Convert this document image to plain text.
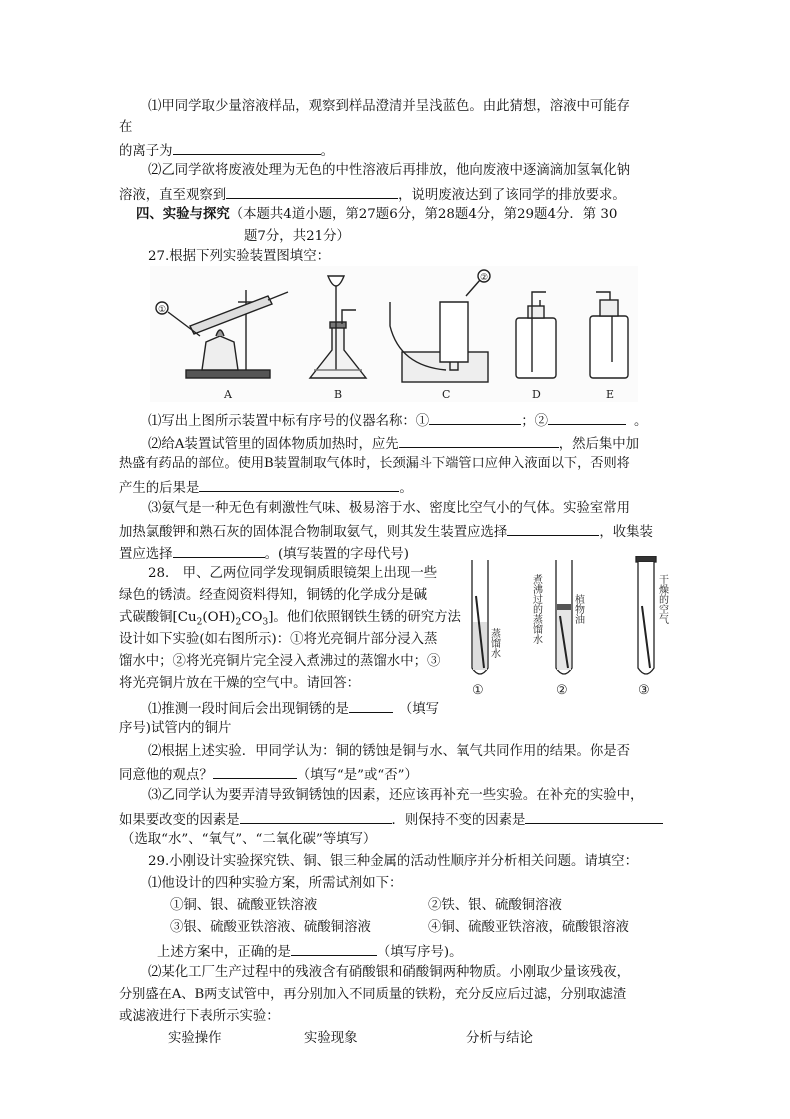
⑴甲同学取少量溶液样品，观察到样品澄清并呈浅蓝色。由此猜想，溶液中可能存
在
的离子为	。
⑵乙同学欲将废液处理为无色的中性溶液后再排放，他向废液中逐滴滴加氢氧化钠
溶液，直至观察到	，说明废液达到了该同学的排放要求。
四、实验与探究（本题共4道小题，第27题6分，第28题4分，第29题4分．第 30
题7分，共21分）
27.根据下列实验装置图填空：
①
②
A	B	C	D	E
⑴写出上图所示装置中标有序号的仪器名称：①	；②	。
⑵给A装置试管里的固体物质加热时，应先	，然后集中加
热盛有药品的部位。使用B装置制取气体时，长颈漏斗下端管口应伸入液面以下，否则将
产生的后果是	。
⑶氨气是一种无色有刺激性气味、极易溶于水、密度比空气小的气体。实验室常用
加热氯酸钾和熟石灰的固体混合物制取氨气，则其发生装置应选择	，收集装
置应选择	。(填写装置的字母代号)
28． 甲、乙两位同学发现铜质眼镜架上出现一些
绿色的锈渍。经查阅资料得知，铜锈的化学成分是碱
式碳酸铜$[Cu_2(OH)_2CO_3]$。他们依照钢铁生锈的研究方法
设计如下实验(如右图所示)：①将光亮铜片部分浸入蒸
馏水中；②将光亮铜片完全浸入煮沸过的蒸馏水中；③
将光亮铜片放在干燥的空气中。请回答：
蒸馏水	煮沸过的蒸馏水	植物油	干燥的空气
①	②	③
⑴推测一段时间后会出现铜锈的是	（填写
序号)试管内的铜片
⑵根据上述实验．甲同学认为：铜的锈蚀是铜与水、氧气共同作用的结果。你是否
同意他的观点？	（填写“是”或“否”）
⑶乙同学认为要弄清导致铜锈蚀的因素，还应该再补充一些实验。在补充的实验中，
如果要改变的因素是	．则保持不变的因素是
（选取“水”、“氧气”、“二氧化碳”等填写）
29.小刚设计实验探究铁、铜、银三种金属的活动性顺序并分析相关问题。请填空：
⑴他设计的四种实验方案，所需试剂如下：
①铜、银、硫酸亚铁溶液	②铁、银、硫酸铜溶液
③银、硫酸亚铁溶液、硫酸铜溶液	④铜、硫酸亚铁溶液，硫酸银溶液
上述方案中，正确的是	（填写序号)。
⑵某化工厂生产过程中的残液含有硝酸银和硝酸铜两种物质。小刚取少量该残夜，
分别盛在A、B两支试管中，再分别加入不同质量的铁粉，充分反应后过滤，分别取滤渣
或滤液进行下表所示实验：
实验操作	实验现象	分析与结论
